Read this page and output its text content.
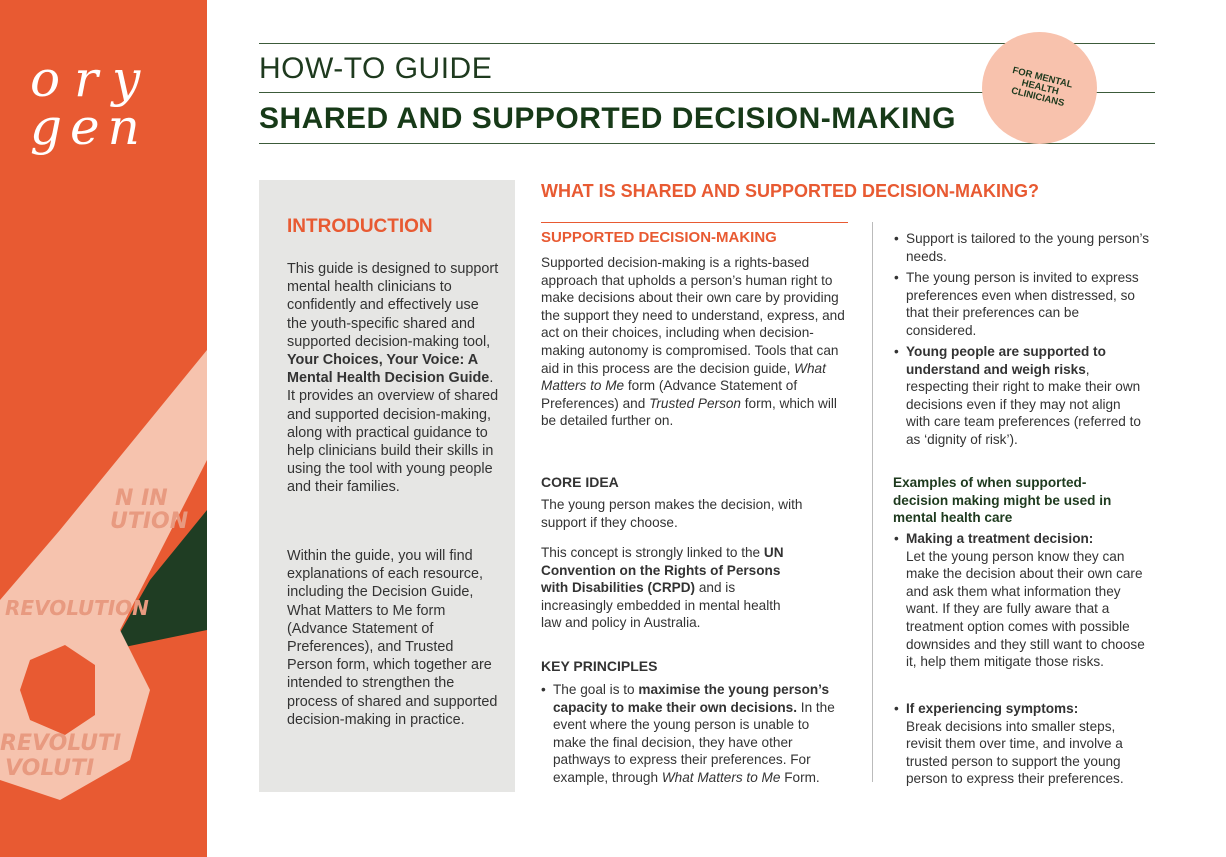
ory
gen
N IN
UTION
REVOLUTION
REVOLUTI
VOLUTI
HOW-TO GUIDE
SHARED AND SUPPORTED DECISION-MAKING
FOR MENTAL HEALTH CLINICIANS
INTRODUCTION

This guide is designed to support mental health clinicians to confidently and effectively use the youth-specific shared and supported decision-making tool, Your Choices, Your Voice: A Mental Health Decision Guide. It provides an overview of shared and supported decision-making, along with practical guidance to help clinicians build their skills in using the tool with young people and their families.

Within the guide, you will find explanations of each resource, including the Decision Guide, What Matters to Me form (Advance Statement of Preferences), and Trusted Person form, which together are intended to strengthen the process of shared and supported decision-making in practice.

WHAT IS SHARED AND SUPPORTED DECISION-MAKING?
SUPPORTED DECISION-MAKING

Supported decision-making is a rights-based approach that upholds a person’s human right to make decisions about their own care by providing the support they need to understand, express, and act on their choices, including when decision-making autonomy is compromised. Tools that can aid in this process are the decision guide, What Matters to Me form (Advance Statement of Preferences) and Trusted Person form, which will be detailed further on.

CORE IDEA

The young person makes the decision, with support if they choose.

This concept is strongly linked to the UN Convention on the Rights of Persons with Disabilities (CRPD) and is increasingly embedded in mental health law and policy in Australia.

KEY PRINCIPLES

• The goal is to maximise the young person’s capacity to make their own decisions. In the event where the young person is unable to make the final decision, they have other pathways to express their preferences. For example, through What Matters to Me Form.

• Support is tailored to the young person’s needs.

• The young person is invited to express preferences even when distressed, so that their preferences can be considered.

• Young people are supported to understand and weigh risks, respecting their right to make their own decisions even if they may not align with care team preferences (referred to as ‘dignity of risk’).

Examples of when supported-decision making might be used in mental health care

• Making a treatment decision:
Let the young person know they can make the decision about their own care and ask them what information they want. If they are fully aware that a treatment option comes with possible downsides and they still want to choose it, help them mitigate those risks.

• If experiencing symptoms:
Break decisions into smaller steps, revisit them over time, and involve a trusted person to support the young person to express their preferences.
